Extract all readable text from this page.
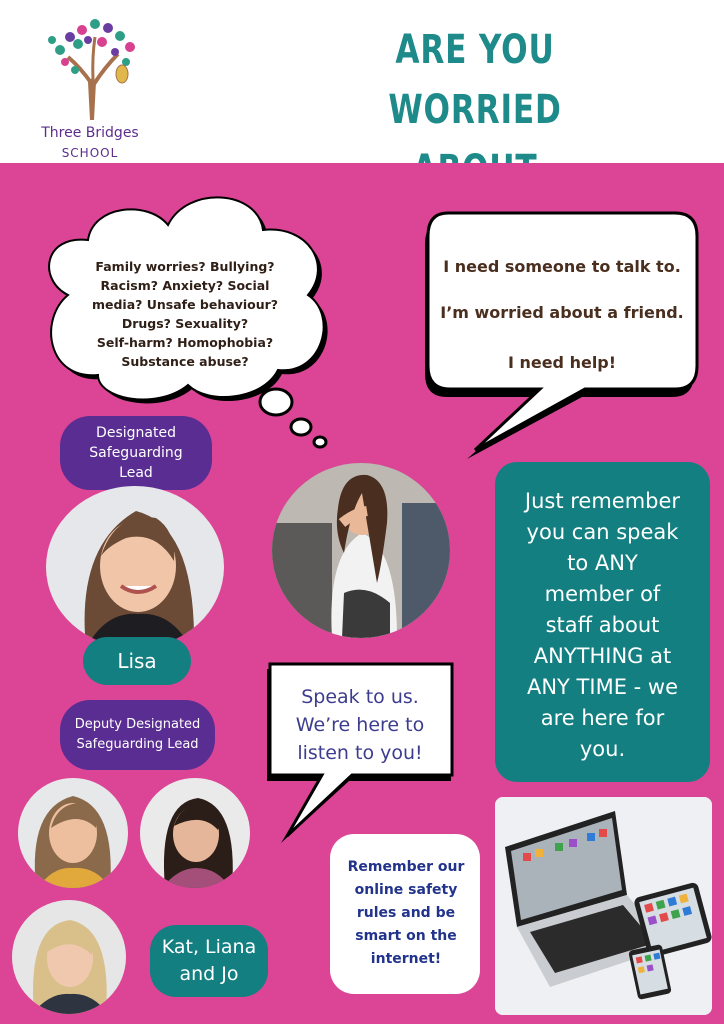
Three Bridges
SCHOOL
ARE YOU WORRIED
Family worries? Bullying?
Racism? Anxiety? Social
media? Unsafe behaviour?
Drugs? Sexuality?
Self-harm? Homophobia?
Substance abuse?
I need someone to talk to.
I’m worried about a friend.
I need help!
Designated
Safeguarding
Lead
Lisa
Just remember
you can speak
to ANY
member of
staff about
ANYTHING at
ANY TIME - we
are here for
you.
Deputy Designated
Safeguarding Lead
Speak to us.
We’re here to
listen to you!
Kat, Liana
and Jo
Remember our
online safety
rules and be
smart on the
internet!
